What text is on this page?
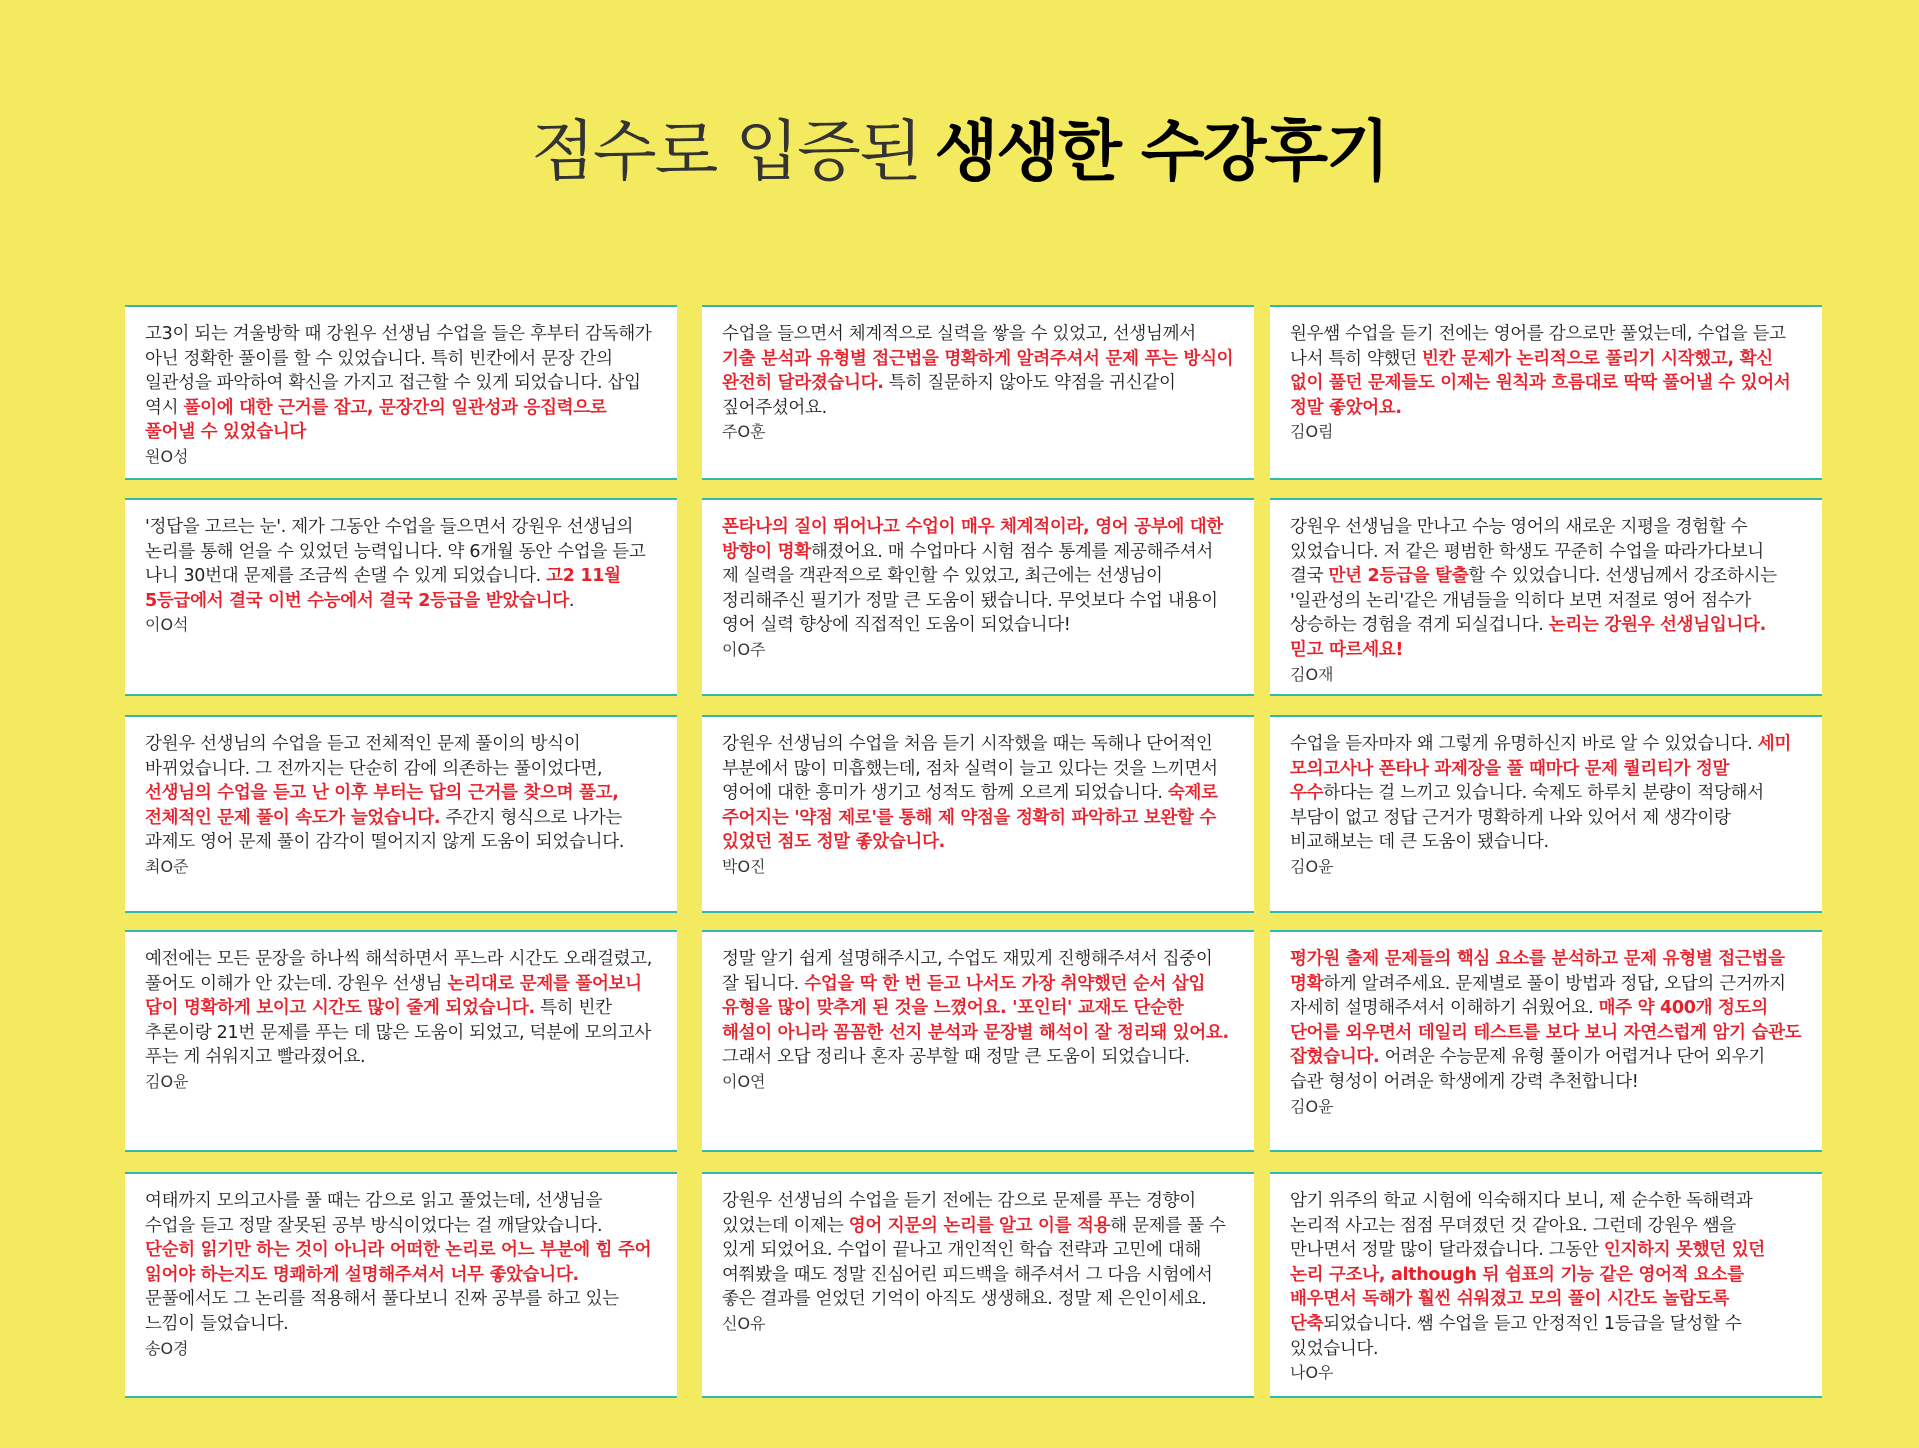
점수로 입증된 생생한 수강후기
고3이 되는 겨울방학 때 강원우 선생님 수업을 들은 후부터 감독해가 아닌 정확한 풀이를 할 수 있었습니다. 특히 빈칸에서 문장 간의 일관성을 파악하여 확신을 가지고 접근할 수 있게 되었습니다. 삽입 역시 풀이에 대한 근거를 잡고, 문장간의 일관성과 응집력으로 풀어낼 수 있었습니다
원O성
수업을 들으면서 체계적으로 실력을 쌓을 수 있었고, 선생님께서 기출 분석과 유형별 접근법을 명확하게 알려주셔서 문제 푸는 방식이 완전히 달라졌습니다. 특히 질문하지 않아도 약점을 귀신같이 짚어주셨어요.
주O훈
원우쌤 수업을 듣기 전에는 영어를 감으로만 풀었는데, 수업을 듣고 나서 특히 약했던 빈칸 문제가 논리적으로 풀리기 시작했고, 확신 없이 풀던 문제들도 이제는 원칙과 흐름대로 딱딱 풀어낼 수 있어서 정말 좋았어요.
김O림
'정답을 고르는 눈'. 제가 그동안 수업을 들으면서 강원우 선생님의 논리를 통해 얻을 수 있었던 능력입니다. 약 6개월 동안 수업을 듣고 나니 30번대 문제를 조금씩 손댈 수 있게 되었습니다. 고2 11월 5등급에서 결국 이번 수능에서 결국 2등급을 받았습니다.
이O석
폰타나의 질이 뛰어나고 수업이 매우 체계적이라, 영어 공부에 대한 방향이 명확해졌어요. 매 수업마다 시험 점수 통계를 제공해주셔서 제 실력을 객관적으로 확인할 수 있었고, 최근에는 선생님이 정리해주신 필기가 정말 큰 도움이 됐습니다. 무엇보다 수업 내용이 영어 실력 향상에 직접적인 도움이 되었습니다!
이O주
강원우 선생님을 만나고 수능 영어의 새로운 지평을 경험할 수 있었습니다. 저 같은 평범한 학생도 꾸준히 수업을 따라가다보니 결국 만년 2등급을 탈출할 수 있었습니다. 선생님께서 강조하시는 '일관성의 논리'같은 개념들을 익히다 보면 저절로 영어 점수가 상승하는 경험을 겪게 되실겁니다. 논리는 강원우 선생님입니다. 믿고 따르세요!
김O재
강원우 선생님의 수업을 듣고 전체적인 문제 풀이의 방식이 바뀌었습니다. 그 전까지는 단순히 감에 의존하는 풀이었다면, 선생님의 수업을 듣고 난 이후 부터는 답의 근거를 찾으며 풀고, 전체적인 문제 풀이 속도가 늘었습니다. 주간지 형식으로 나가는 과제도 영어 문제 풀이 감각이 떨어지지 않게 도움이 되었습니다.
최O준
강원우 선생님의 수업을 처음 듣기 시작했을 때는 독해나 단어적인 부분에서 많이 미흡했는데, 점차 실력이 늘고 있다는 것을 느끼면서 영어에 대한 흥미가 생기고 성적도 함께 오르게 되었습니다. 숙제로 주어지는 '약점 제로'를 통해 제 약점을 정확히 파악하고 보완할 수 있었던 점도 정말 좋았습니다.
박O진
수업을 듣자마자 왜 그렇게 유명하신지 바로 알 수 있었습니다. 세미 모의고사나 폰타나 과제장을 풀 때마다 문제 퀄리티가 정말 우수하다는 걸 느끼고 있습니다. 숙제도 하루치 분량이 적당해서 부담이 없고 정답 근거가 명확하게 나와 있어서 제 생각이랑 비교해보는 데 큰 도움이 됐습니다.
김O윤
예전에는 모든 문장을 하나씩 해석하면서 푸느라 시간도 오래걸렸고, 풀어도 이해가 안 갔는데. 강원우 선생님 논리대로 문제를 풀어보니 답이 명확하게 보이고 시간도 많이 줄게 되었습니다. 특히 빈칸 추론이랑 21번 문제를 푸는 데 많은 도움이 되었고, 덕분에 모의고사 푸는 게 쉬워지고 빨라졌어요.
김O윤
정말 알기 쉽게 설명해주시고, 수업도 재밌게 진행해주셔서 집중이 잘 됩니다. 수업을 딱 한 번 듣고 나서도 가장 취약했던 순서 삽입 유형을 많이 맞추게 된 것을 느꼈어요. '포인터' 교재도 단순한 해설이 아니라 꼼꼼한 선지 분석과 문장별 해석이 잘 정리돼 있어요. 그래서 오답 정리나 혼자 공부할 때 정말 큰 도움이 되었습니다.
이O연
평가원 출제 문제들의 핵심 요소를 분석하고 문제 유형별 접근법을 명확하게 알려주세요. 문제별로 풀이 방법과 정답, 오답의 근거까지 자세히 설명해주셔서 이해하기 쉬웠어요. 매주 약 400개 정도의 단어를 외우면서 데일리 테스트를 보다 보니 자연스럽게 암기 습관도 잡혔습니다. 어려운 수능문제 유형 풀이가 어렵거나 단어 외우기 습관 형성이 어려운 학생에게 강력 추천합니다!
김O윤
여태까지 모의고사를 풀 때는 감으로 읽고 풀었는데, 선생님을 수업을 듣고 정말 잘못된 공부 방식이었다는 걸 깨달았습니다. 단순히 읽기만 하는 것이 아니라 어떠한 논리로 어느 부분에 힘 주어 읽어야 하는지도 명쾌하게 설명해주셔서 너무 좋았습니다. 문풀에서도 그 논리를 적용해서 풀다보니 진짜 공부를 하고 있는 느낌이 들었습니다.
송O경
강원우 선생님의 수업을 듣기 전에는 감으로 문제를 푸는 경향이 있었는데 이제는 영어 지문의 논리를 알고 이를 적용해 문제를 풀 수 있게 되었어요. 수업이 끝나고 개인적인 학습 전략과 고민에 대해 여쭤봤을 때도 정말 진심어린 피드백을 해주셔서 그 다음 시험에서 좋은 결과를 얻었던 기억이 아직도 생생해요. 정말 제 은인이세요.
신O유
암기 위주의 학교 시험에 익숙해지다 보니, 제 순수한 독해력과 논리적 사고는 점점 무뎌졌던 것 같아요. 그런데 강원우 쌤을 만나면서 정말 많이 달라졌습니다. 그동안 인지하지 못했던 있던 논리 구조나, although 뒤 쉼표의 기능 같은 영어적 요소를 배우면서 독해가 훨씬 쉬워졌고 모의 풀이 시간도 놀랍도록 단축되었습니다. 쌤 수업을 듣고 안정적인 1등급을 달성할 수 있었습니다.
나O우
